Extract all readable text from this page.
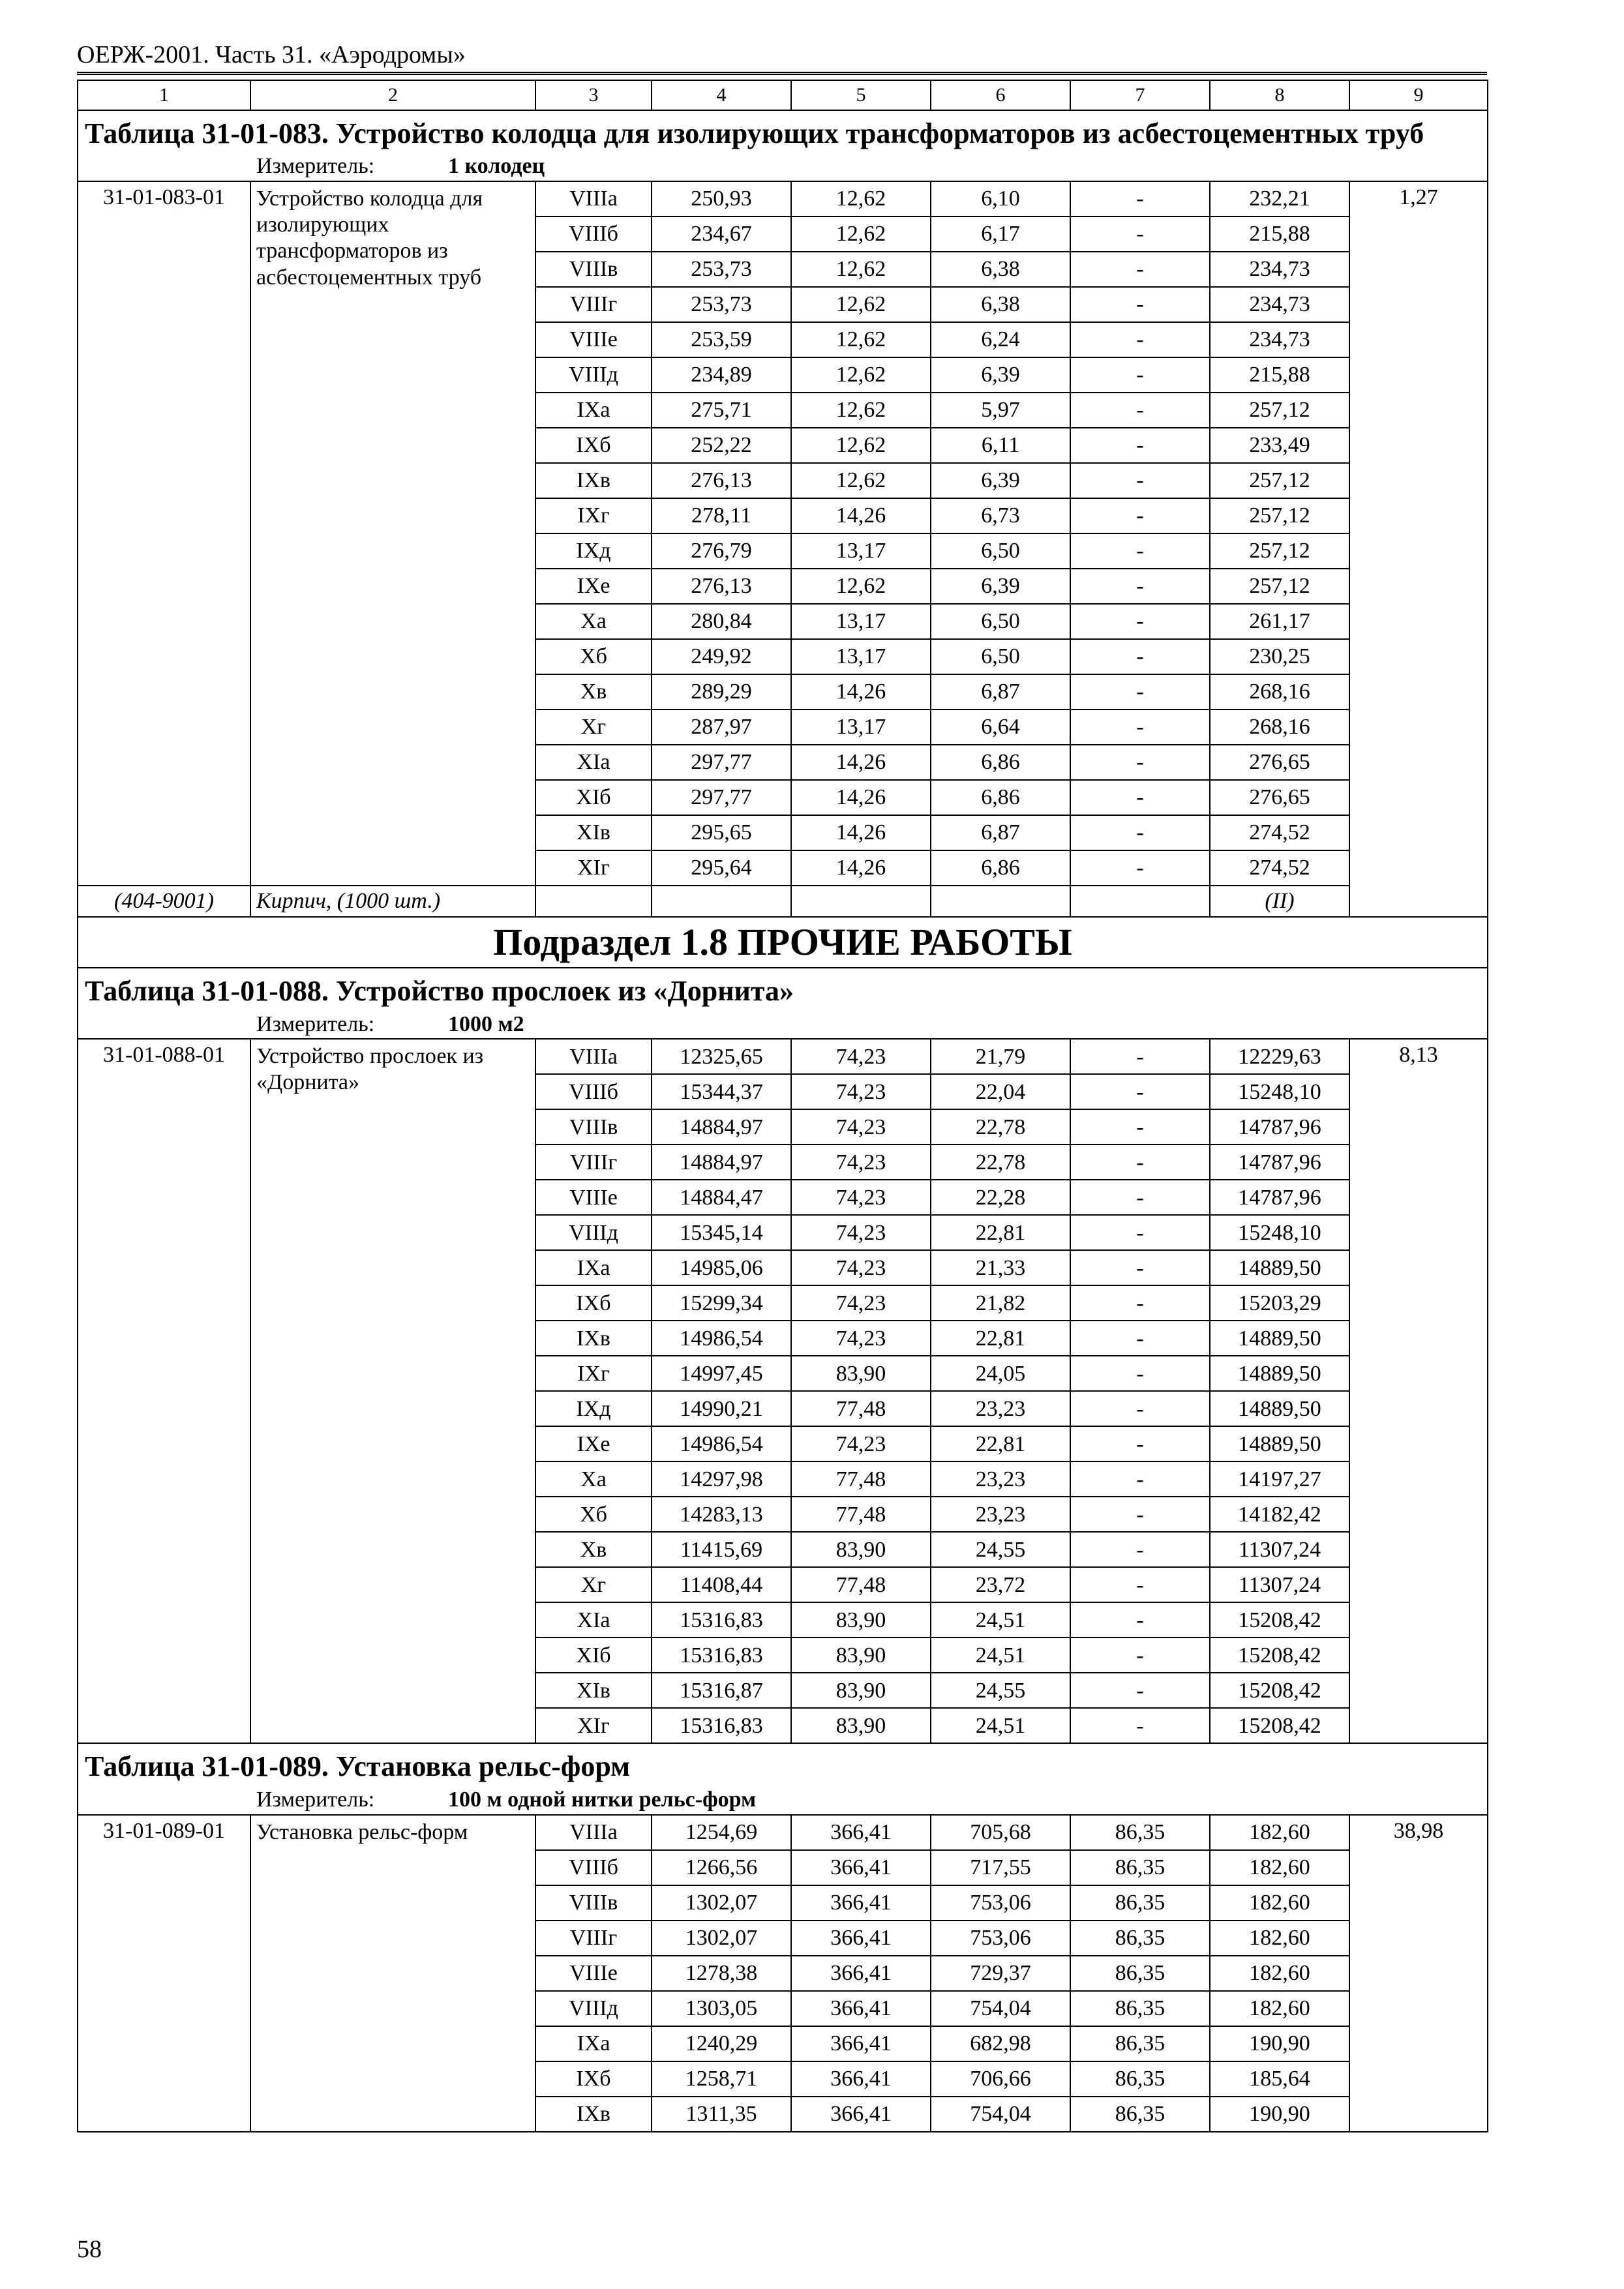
ОЕРЖ-2001. Часть 31. «Аэродромы»
1	2	3	4	5	6	7	8	9
Таблица 31-01-083. Устройство колодца для изолирующих трансформаторов из асбестоцементных труб								
Измеритель: 1 колодец								
31-01-083-01	Устройство колодца для изолирующих трансформаторов из асбестоцементных труб	VIIIа	250,93	12,62	6,10	-	232,21	1,27
		VIIIб	234,67	12,62	6,17	-	215,88	
		VIIIв	253,73	12,62	6,38	-	234,73	
		VIIIг	253,73	12,62	6,38	-	234,73	
		VIIIе	253,59	12,62	6,24	-	234,73	
		VIIIд	234,89	12,62	6,39	-	215,88	
		IXа	275,71	12,62	5,97	-	257,12	
		IXб	252,22	12,62	6,11	-	233,49	
		IXв	276,13	12,62	6,39	-	257,12	
		IXг	278,11	14,26	6,73	-	257,12	
		IXд	276,79	13,17	6,50	-	257,12	
		IXе	276,13	12,62	6,39	-	257,12	
		Xа	280,84	13,17	6,50	-	261,17	
		Xб	249,92	13,17	6,50	-	230,25	
		Xв	289,29	14,26	6,87	-	268,16	
		Xг	287,97	13,17	6,64	-	268,16	
		XIа	297,77	14,26	6,86	-	276,65	
		XIб	297,77	14,26	6,86	-	276,65	
		XIв	295,65	14,26	6,87	-	274,52	
		XIг	295,64	14,26	6,86	-	274,52	
(404-9001)	Кирпич, (1000 шт.)						(II)	
Подраздел 1.8 ПРОЧИЕ РАБОТЫ								
Таблица 31-01-088. Устройство прослоек из «Дорнита»								
Измеритель: 1000 м2								
31-01-088-01	Устройство прослоек из «Дорнита»	VIIIа	12325,65	74,23	21,79	-	12229,63	8,13
		VIIIб	15344,37	74,23	22,04	-	15248,10	
		VIIIв	14884,97	74,23	22,78	-	14787,96	
		VIIIг	14884,97	74,23	22,78	-	14787,96	
		VIIIе	14884,47	74,23	22,28	-	14787,96	
		VIIIд	15345,14	74,23	22,81	-	15248,10	
		IXа	14985,06	74,23	21,33	-	14889,50	
		IXб	15299,34	74,23	21,82	-	15203,29	
		IXв	14986,54	74,23	22,81	-	14889,50	
		IXг	14997,45	83,90	24,05	-	14889,50	
		IXд	14990,21	77,48	23,23	-	14889,50	
		IXе	14986,54	74,23	22,81	-	14889,50	
		Xа	14297,98	77,48	23,23	-	14197,27	
		Xб	14283,13	77,48	23,23	-	14182,42	
		Xв	11415,69	83,90	24,55	-	11307,24	
		Xг	11408,44	77,48	23,72	-	11307,24	
		XIа	15316,83	83,90	24,51	-	15208,42	
		XIб	15316,83	83,90	24,51	-	15208,42	
		XIв	15316,87	83,90	24,55	-	15208,42	
		XIг	15316,83	83,90	24,51	-	15208,42	
Таблица 31-01-089. Установка рельс-форм								
Измеритель: 100 м одной нитки рельс-форм								
31-01-089-01	Установка рельс-форм	VIIIа	1254,69	366,41	705,68	86,35	182,60	38,98
		VIIIб	1266,56	366,41	717,55	86,35	182,60	
		VIIIв	1302,07	366,41	753,06	86,35	182,60	
		VIIIг	1302,07	366,41	753,06	86,35	182,60	
		VIIIе	1278,38	366,41	729,37	86,35	182,60	
		VIIIд	1303,05	366,41	754,04	86,35	182,60	
		IXа	1240,29	366,41	682,98	86,35	190,90	
		IXб	1258,71	366,41	706,66	86,35	185,64	
		IXв	1311,35	366,41	754,04	86,35	190,90	
58
